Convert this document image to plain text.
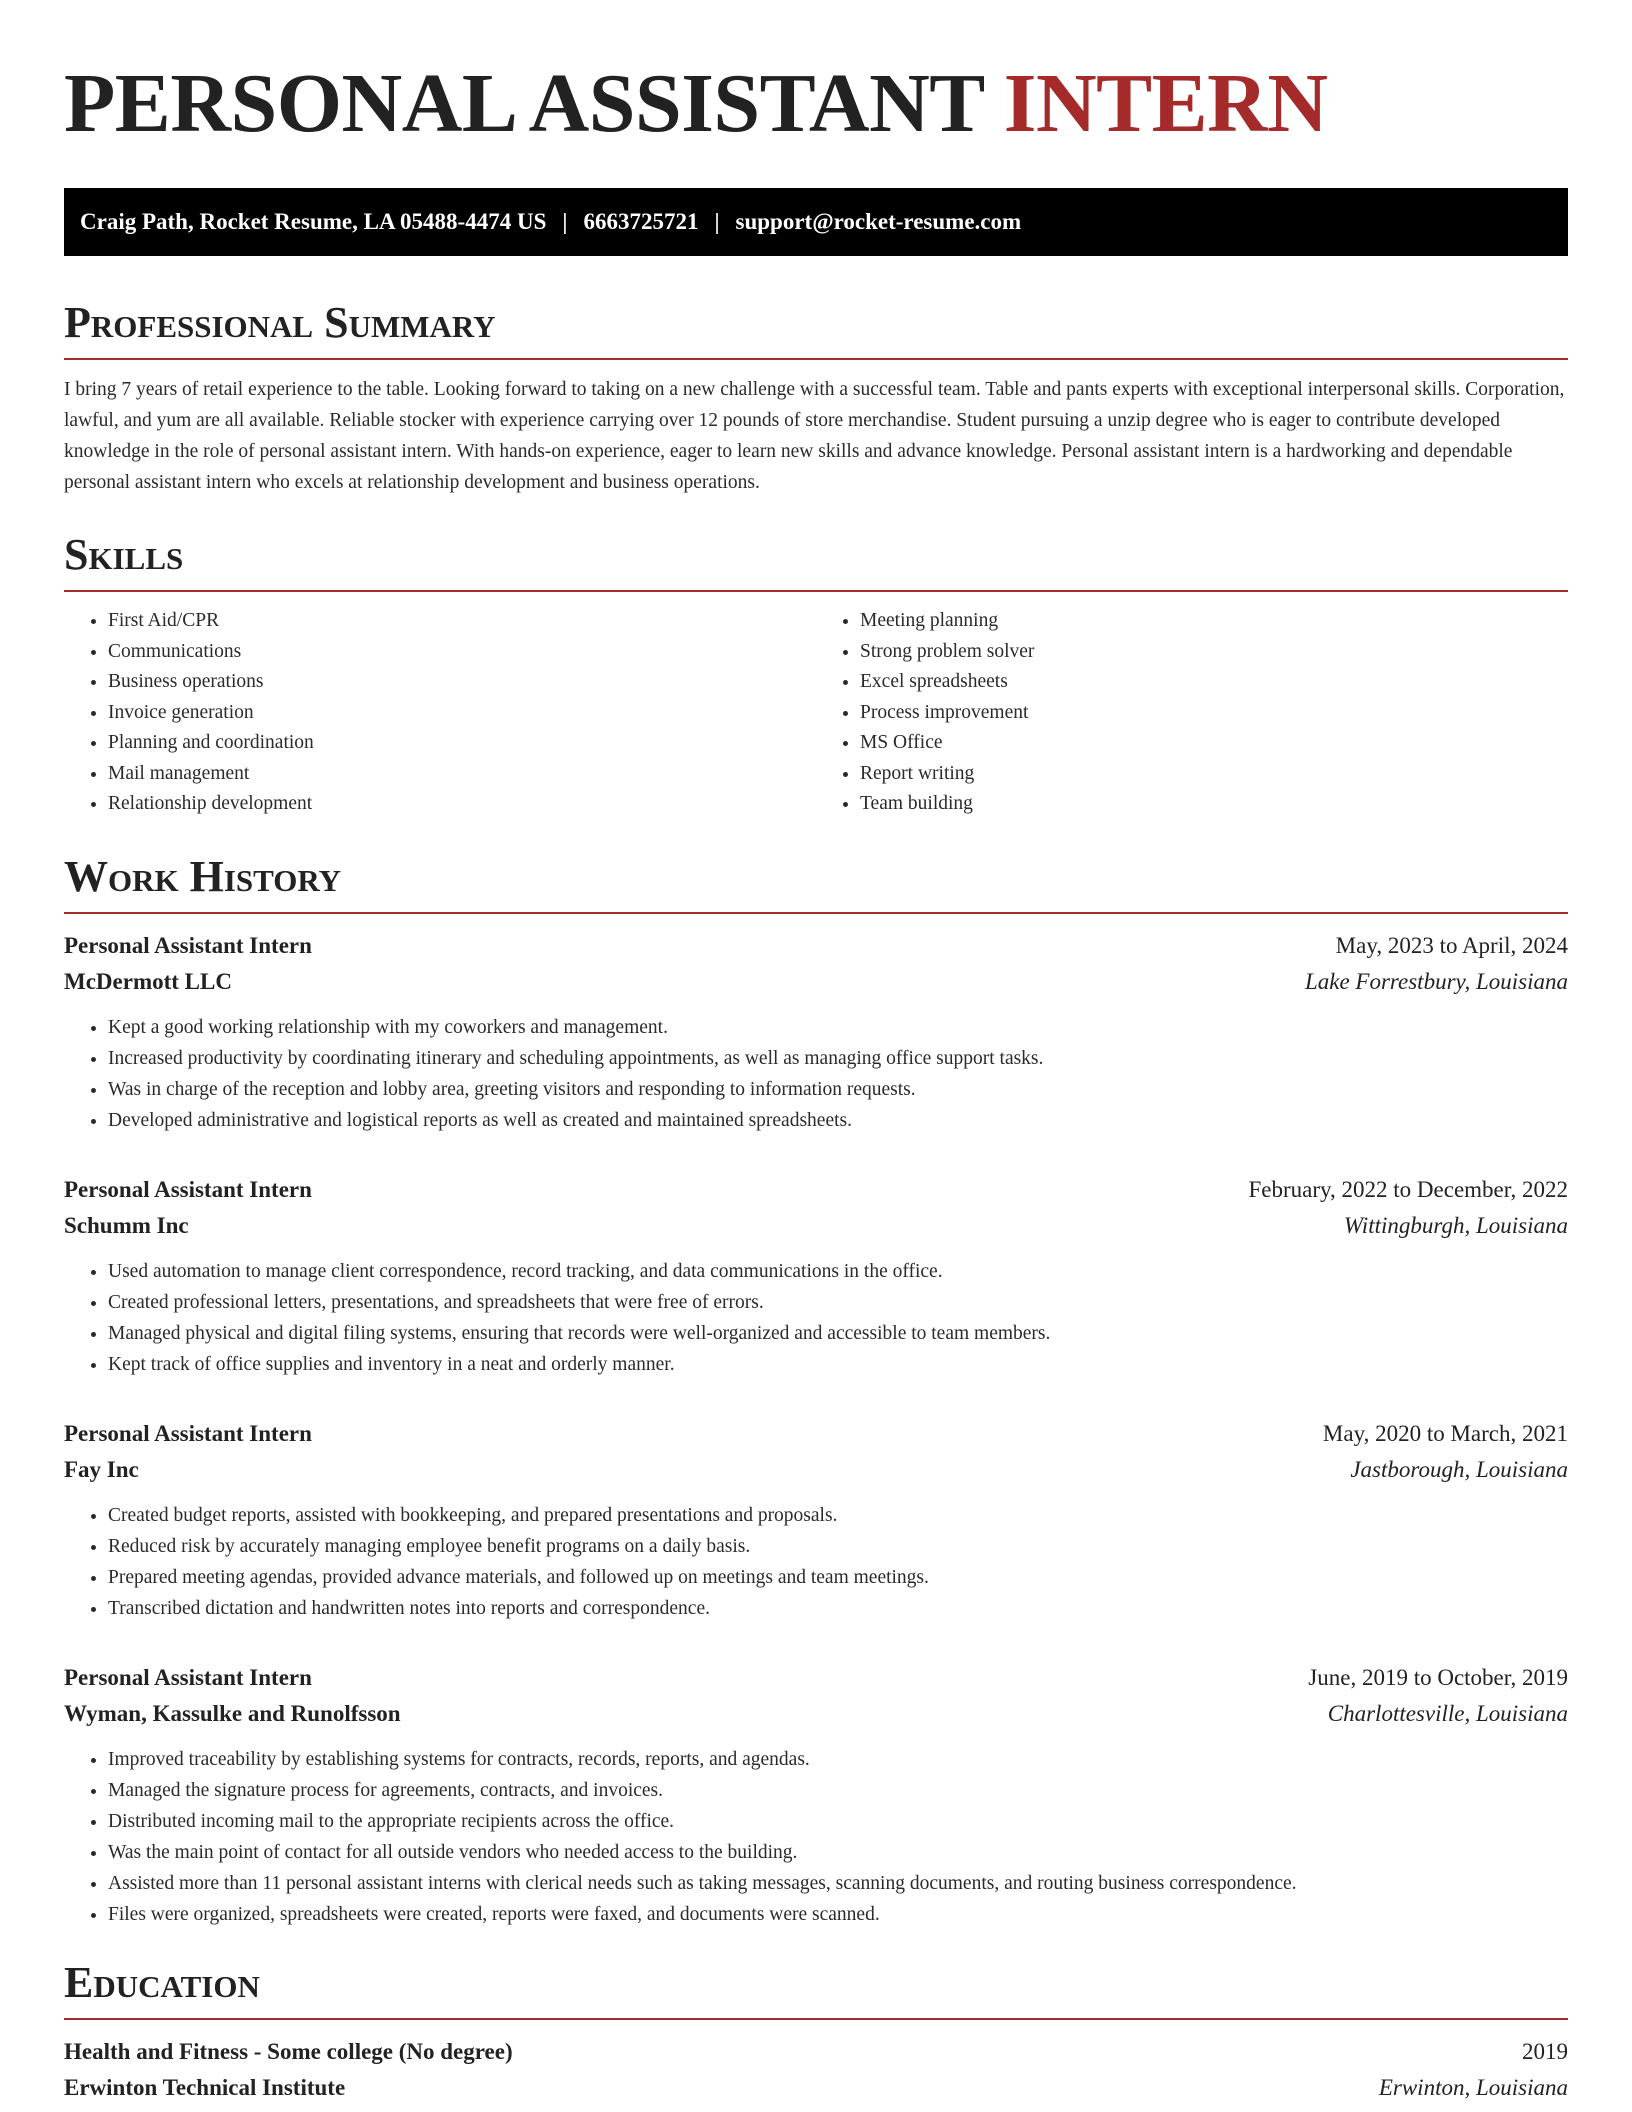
PERSONAL ASSISTANT INTERN
Craig Path, Rocket Resume, LA 05488-4474 US | 6663725721 | support@rocket-resume.com
Professional Summary

I bring 7 years of retail experience to the table. Looking forward to taking on a new challenge with a successful team. Table and pants experts with exceptional interpersonal skills. Corporation, lawful, and yum are all available. Reliable stocker with experience carrying over 12 pounds of store merchandise. Student pursuing a unzip degree who is eager to contribute developed knowledge in the role of personal assistant intern. With hands-on experience, eager to learn new skills and advance knowledge. Personal assistant intern is a hardworking and dependable personal assistant intern who excels at relationship development and business operations.

Skills
• First Aid/CPR
• Communications
• Business operations
• Invoice generation
• Planning and coordination
• Mail management
• Relationship development
• Meeting planning
• Strong problem solver
• Excel spreadsheets
• Process improvement
• MS Office
• Report writing
• Team building
Work History
Personal Assistant Intern	May, 2023 to April, 2024
McDermott LLC	Lake Forrestbury, Louisiana
• Kept a good working relationship with my coworkers and management.
• Increased productivity by coordinating itinerary and scheduling appointments, as well as managing office support tasks.
• Was in charge of the reception and lobby area, greeting visitors and responding to information requests.
• Developed administrative and logistical reports as well as created and maintained spreadsheets.
Personal Assistant Intern	February, 2022 to December, 2022
Schumm Inc	Wittingburgh, Louisiana
• Used automation to manage client correspondence, record tracking, and data communications in the office.
• Created professional letters, presentations, and spreadsheets that were free of errors.
• Managed physical and digital filing systems, ensuring that records were well-organized and accessible to team members.
• Kept track of office supplies and inventory in a neat and orderly manner.
Personal Assistant Intern	May, 2020 to March, 2021
Fay Inc	Jastborough, Louisiana
• Created budget reports, assisted with bookkeeping, and prepared presentations and proposals.
• Reduced risk by accurately managing employee benefit programs on a daily basis.
• Prepared meeting agendas, provided advance materials, and followed up on meetings and team meetings.
• Transcribed dictation and handwritten notes into reports and correspondence.
Personal Assistant Intern	June, 2019 to October, 2019
Wyman, Kassulke and Runolfsson	Charlottesville, Louisiana
• Improved traceability by establishing systems for contracts, records, reports, and agendas.
• Managed the signature process for agreements, contracts, and invoices.
• Distributed incoming mail to the appropriate recipients across the office.
• Was the main point of contact for all outside vendors who needed access to the building.
• Assisted more than 11 personal assistant interns with clerical needs such as taking messages, scanning documents, and routing business correspondence.
• Files were organized, spreadsheets were created, reports were faxed, and documents were scanned.
Education
Health and Fitness - Some college (No degree)	2019
Erwinton Technical Institute	Erwinton, Louisiana
